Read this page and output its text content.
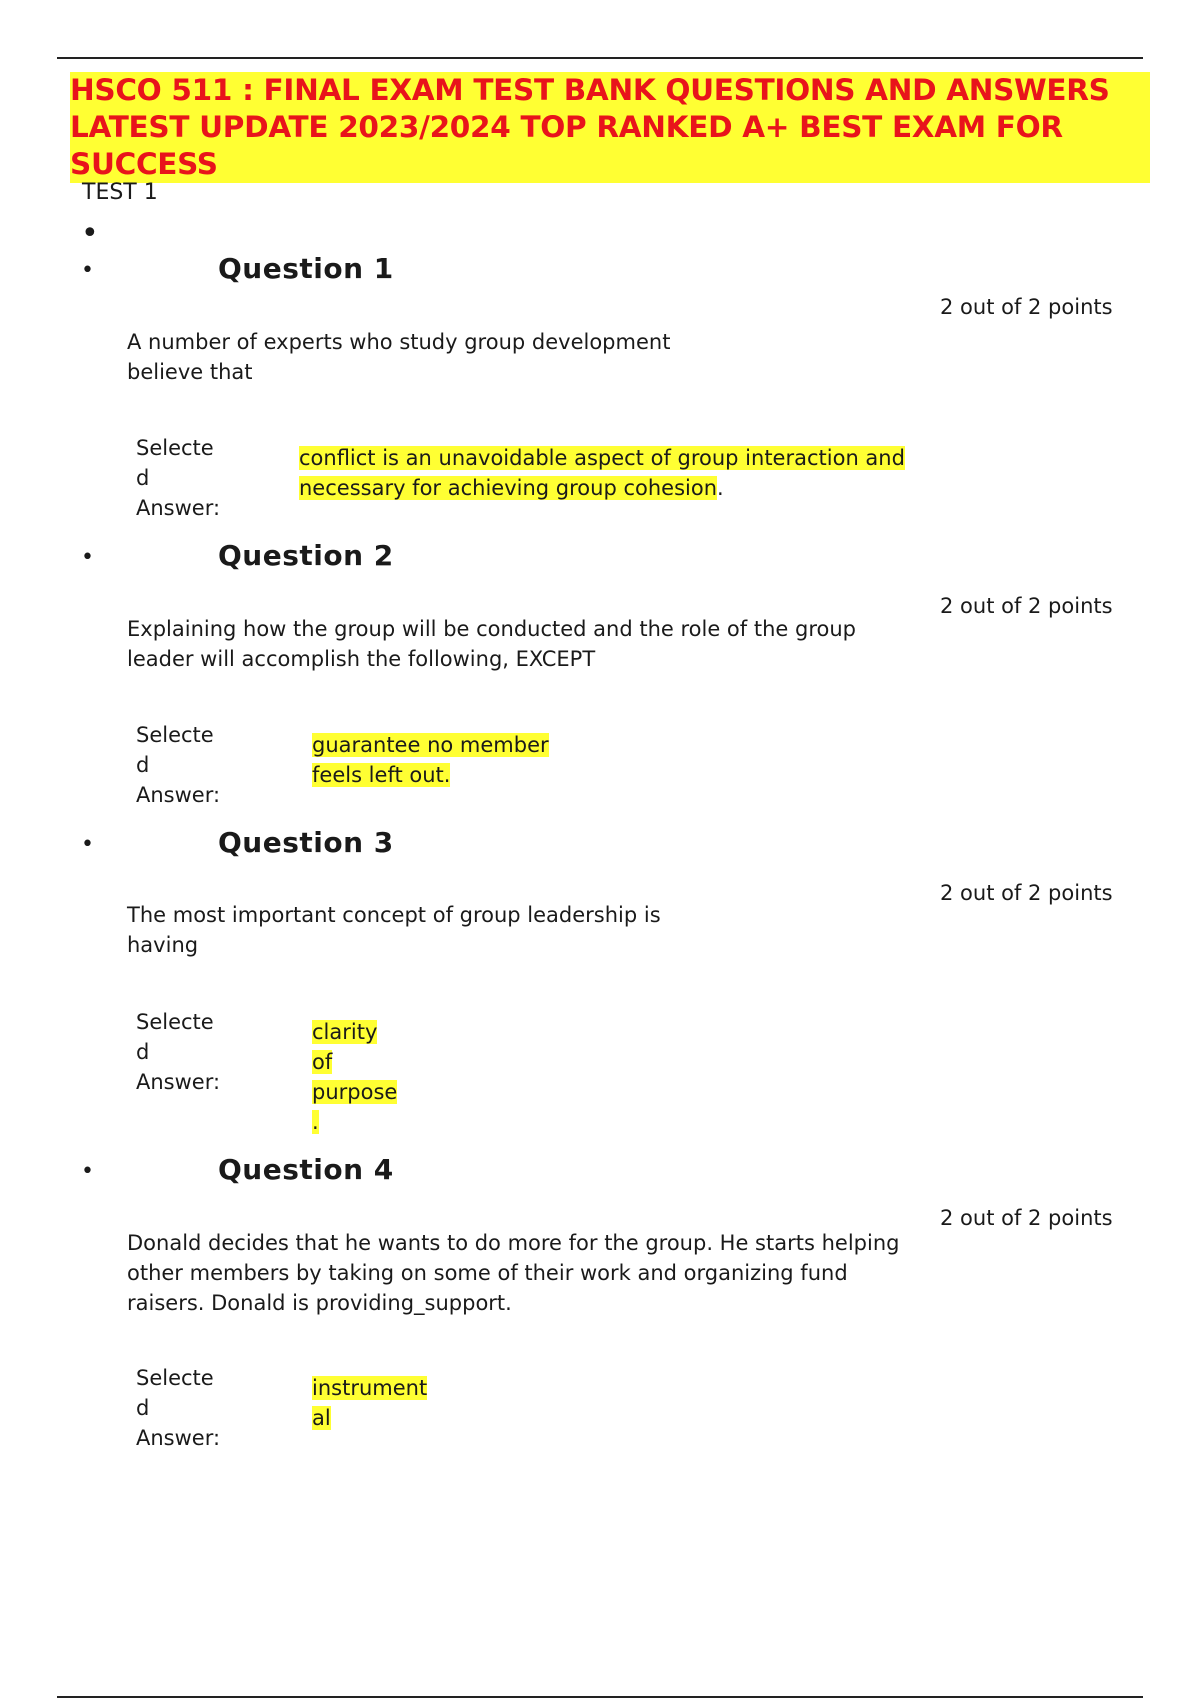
HSCO 511 : FINAL EXAM TEST BANK QUESTIONS AND ANSWERS
LATEST UPDATE 2023/2024 TOP RANKED A+ BEST EXAM FOR SUCCESS
TEST 1
•
•	Question 1
2 out of 2 points
A number of experts who study group development
believe that
Selecte
d
Answer:
conflict is an unavoidable aspect of group interaction and
necessary for achieving group cohesion.
•	Question 2
2 out of 2 points
Explaining how the group will be conducted and the role of the group
leader will accomplish the following, EXCEPT
Selecte
d
Answer:
guarantee no member
feels left out.
•	Question 3
2 out of 2 points
The most important concept of group leadership is
having
Selecte
d
Answer:
clarity
of
purpose
.
•	Question 4
2 out of 2 points
Donald decides that he wants to do more for the group. He starts helping
other members by taking on some of their work and organizing fund
raisers. Donald is providing_support.
Selecte
d
Answer:
instrument
al
